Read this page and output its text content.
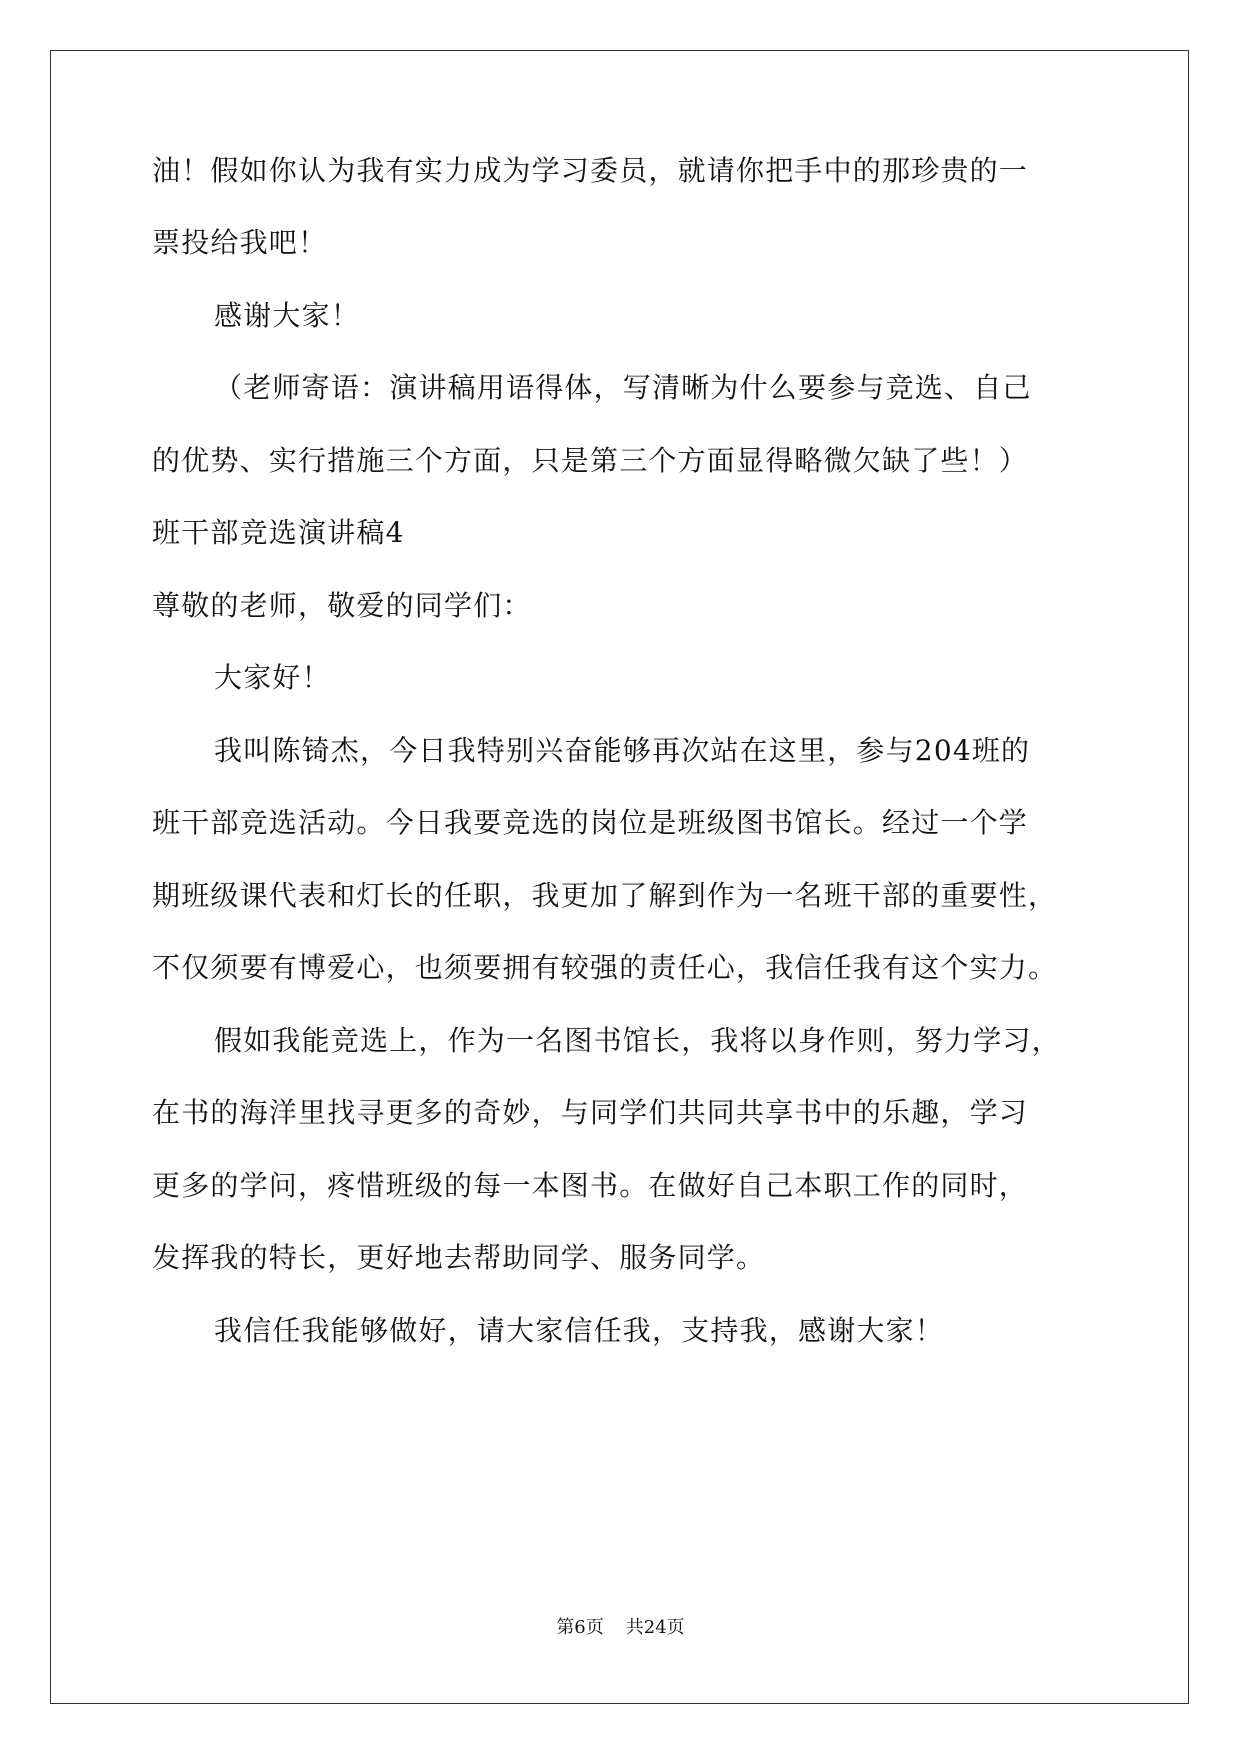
油！假如你认为我有实力成为学习委员，就请你把手中的那珍贵的一
票投给我吧！
感谢大家！
（老师寄语：演讲稿用语得体，写清晰为什么要参与竞选、自己
的优势、实行措施三个方面，只是第三个方面显得略微欠缺了些！）
班干部竞选演讲稿4
尊敬的老师，敬爱的同学们：
大家好！
我叫陈锜杰，今日我特别兴奋能够再次站在这里，参与204班的
班干部竞选活动。今日我要竞选的岗位是班级图书馆长。经过一个学
期班级课代表和灯长的任职，我更加了解到作为一名班干部的重要性，
不仅须要有博爱心，也须要拥有较强的责任心，我信任我有这个实力。
假如我能竞选上，作为一名图书馆长，我将以身作则，努力学习，
在书的海洋里找寻更多的奇妙，与同学们共同共享书中的乐趣，学习
更多的学问，疼惜班级的每一本图书。在做好自己本职工作的同时，
发挥我的特长，更好地去帮助同学、服务同学。
我信任我能够做好，请大家信任我，支持我，感谢大家！
第6页 共24页
